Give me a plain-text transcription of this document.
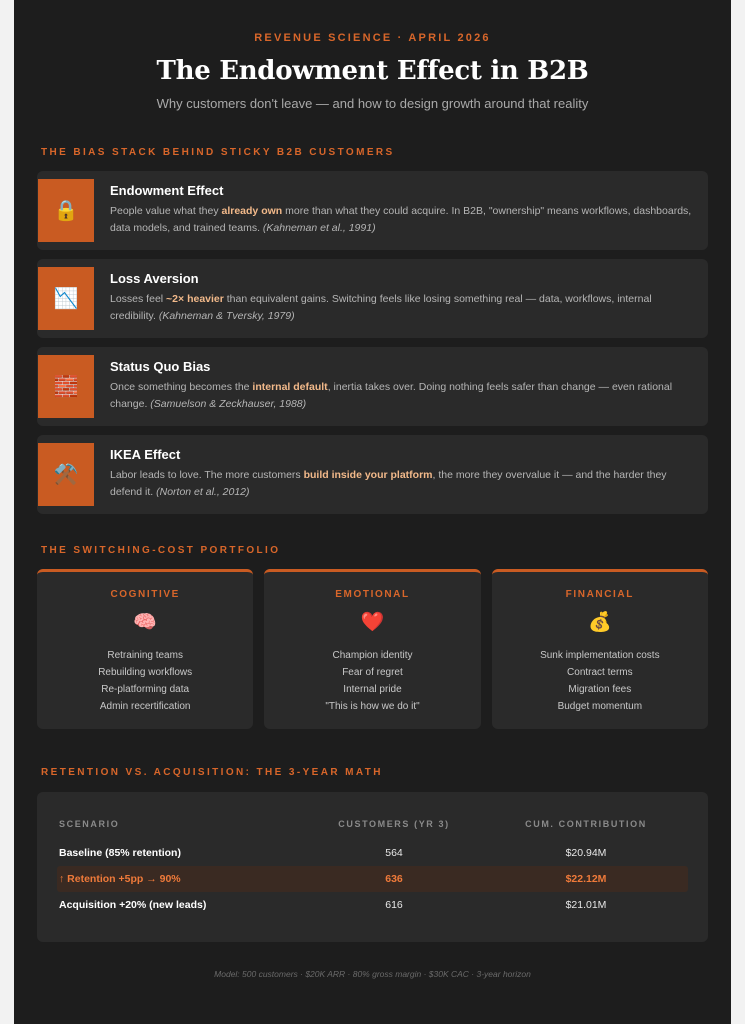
REVENUE SCIENCE · APRIL 2026
The Endowment Effect in B2B
Why customers don't leave — and how to design growth around that reality
THE BIAS STACK BEHIND STICKY B2B CUSTOMERS
🔒
Endowment Effect
People value what they already own more than what they could acquire. In B2B, "ownership" means workflows, dashboards, data models, and trained teams. (Kahneman et al., 1991)
📉
Loss Aversion
Losses feel ~2× heavier than equivalent gains. Switching feels like losing something real — data, workflows, internal credibility. (Kahneman & Tversky, 1979)
🧱
Status Quo Bias
Once something becomes the internal default, inertia takes over. Doing nothing feels safer than change — even rational change. (Samuelson & Zeckhauser, 1988)
⚒️
IKEA Effect
Labor leads to love. The more customers build inside your platform, the more they overvalue it — and the harder they defend it. (Norton et al., 2012)
THE SWITCHING-COST PORTFOLIO
COGNITIVE
🧠
Retraining teams
Rebuilding workflows
Re-platforming data
Admin recertification
EMOTIONAL
❤️
Champion identity
Fear of regret
Internal pride
"This is how we do it"
FINANCIAL
💰
Sunk implementation costs
Contract terms
Migration fees
Budget momentum
RETENTION VS. ACQUISITION: THE 3-YEAR MATH
SCENARIO	CUSTOMERS (YR 3)	CUM. CONTRIBUTION
Baseline (85% retention)	564	$20.94M
↑ Retention +5pp → 90%	636	$22.12M
Acquisition +20% (new leads)	616	$21.01M
Model: 500 customers · $20K ARR · 80% gross margin · $30K CAC · 3-year horizon
